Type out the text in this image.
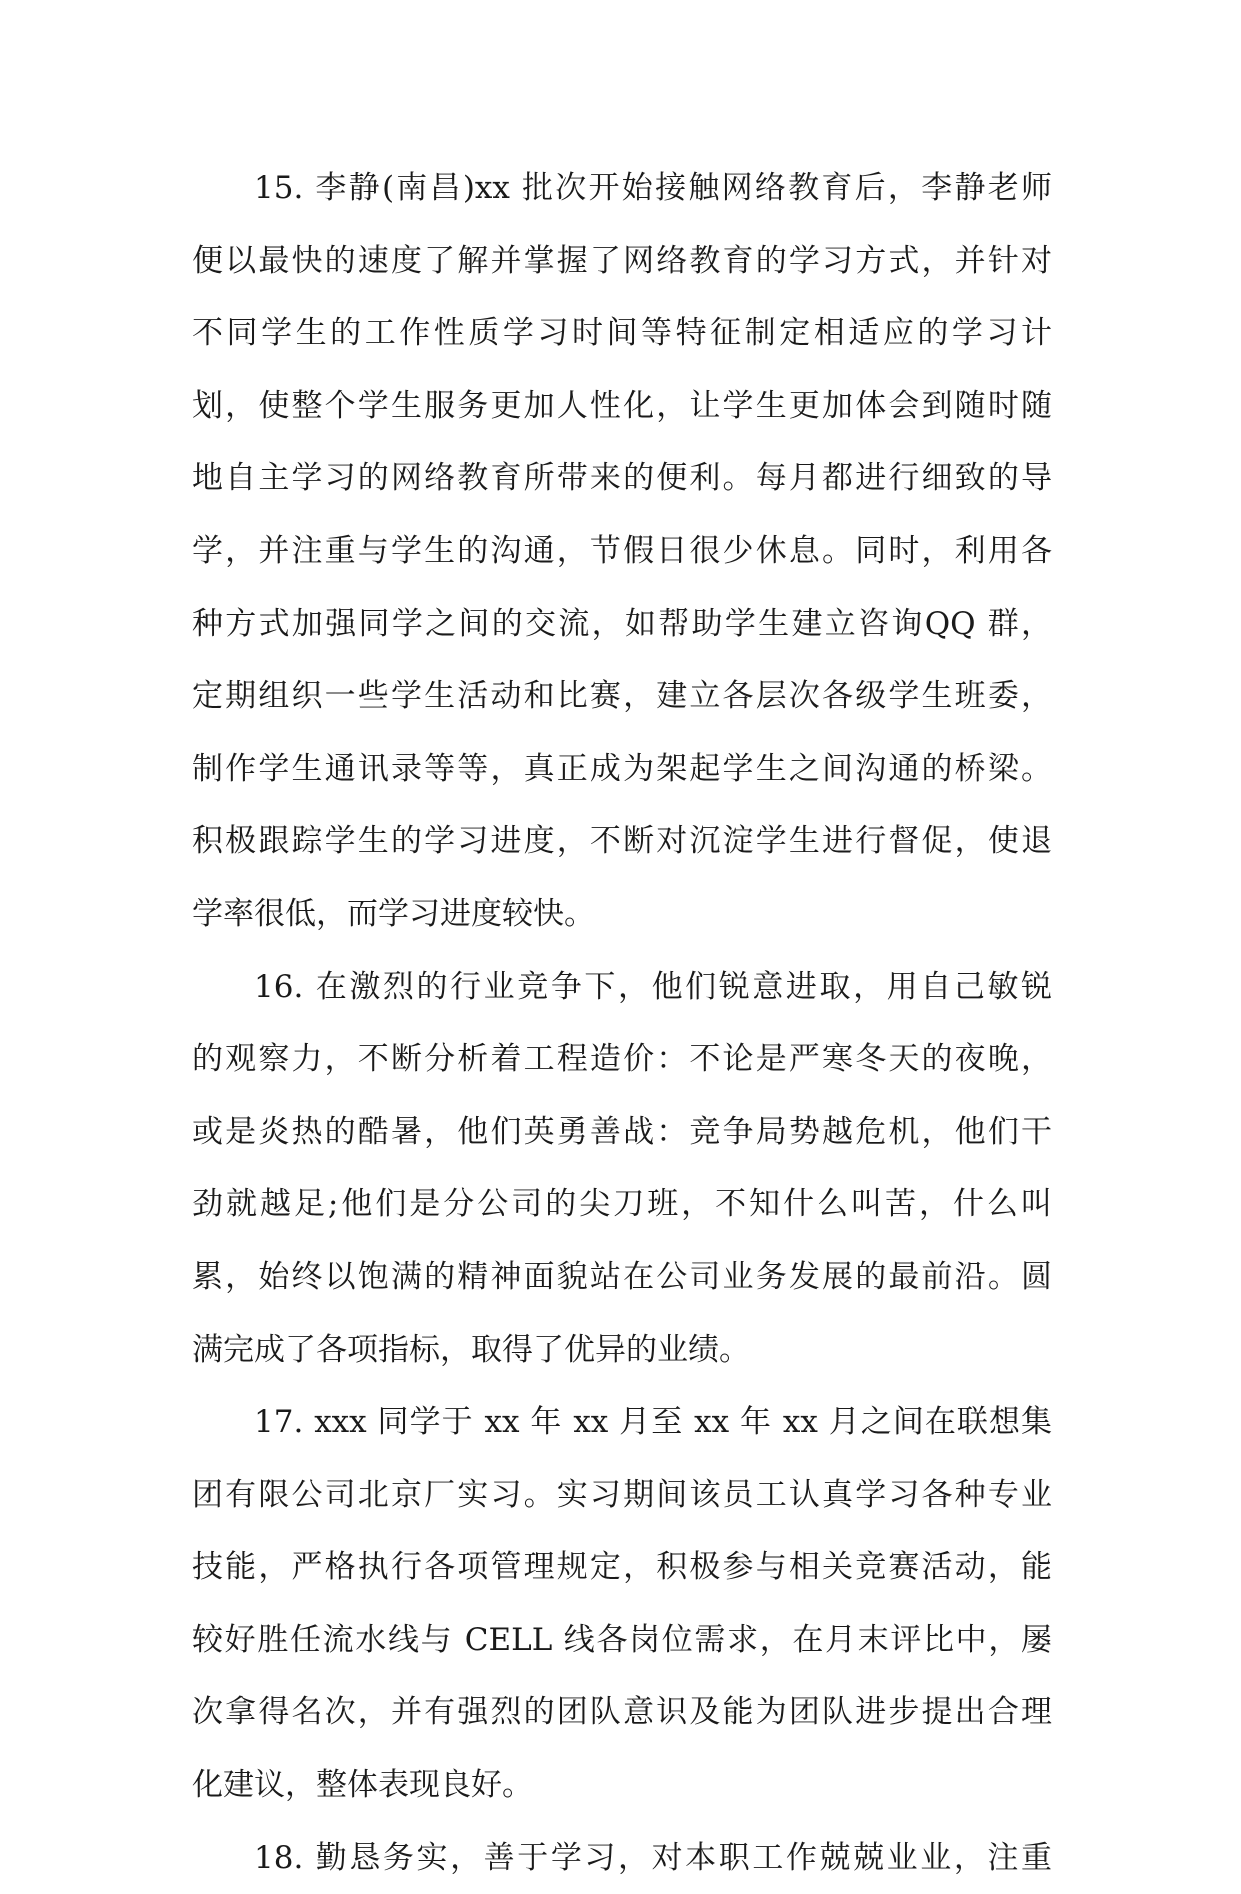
15. 李静(南昌)xx 批次开始接触网络教育后，李静老师
便以最快的速度了解并掌握了网络教育的学习方式，并针对
不同学生的工作性质学习时间等特征制定相适应的学习计
划，使整个学生服务更加人性化，让学生更加体会到随时随
地自主学习的网络教育所带来的便利。每月都进行细致的导
学，并注重与学生的沟通，节假日很少休息。同时，利用各
种方式加强同学之间的交流，如帮助学生建立咨询QQ 群，
定期组织一些学生活动和比赛，建立各层次各级学生班委，
制作学生通讯录等等，真正成为架起学生之间沟通的桥梁。
积极跟踪学生的学习进度，不断对沉淀学生进行督促，使退
学率很低，而学习进度较快。
16. 在激烈的行业竞争下，他们锐意进取，用自己敏锐
的观察力，不断分析着工程造价：不论是严寒冬天的夜晚，
或是炎热的酷暑，他们英勇善战：竞争局势越危机，他们干
劲就越足;他们是分公司的尖刀班，不知什么叫苦，什么叫
累，始终以饱满的精神面貌站在公司业务发展的最前沿。圆
满完成了各项指标，取得了优异的业绩。
17. xxx 同学于 xx 年 xx 月至 xx 年 xx 月之间在联想集
团有限公司北京厂实习。实习期间该员工认真学习各种专业
技能，严格执行各项管理规定，积极参与相关竞赛活动，能
较好胜任流水线与 CELL 线各岗位需求，在月末评比中，屡
次拿得名次，并有强烈的团队意识及能为团队进步提出合理
化建议，整体表现良好。
18. 勤恳务实，善于学习，对本职工作兢兢业业，注重
